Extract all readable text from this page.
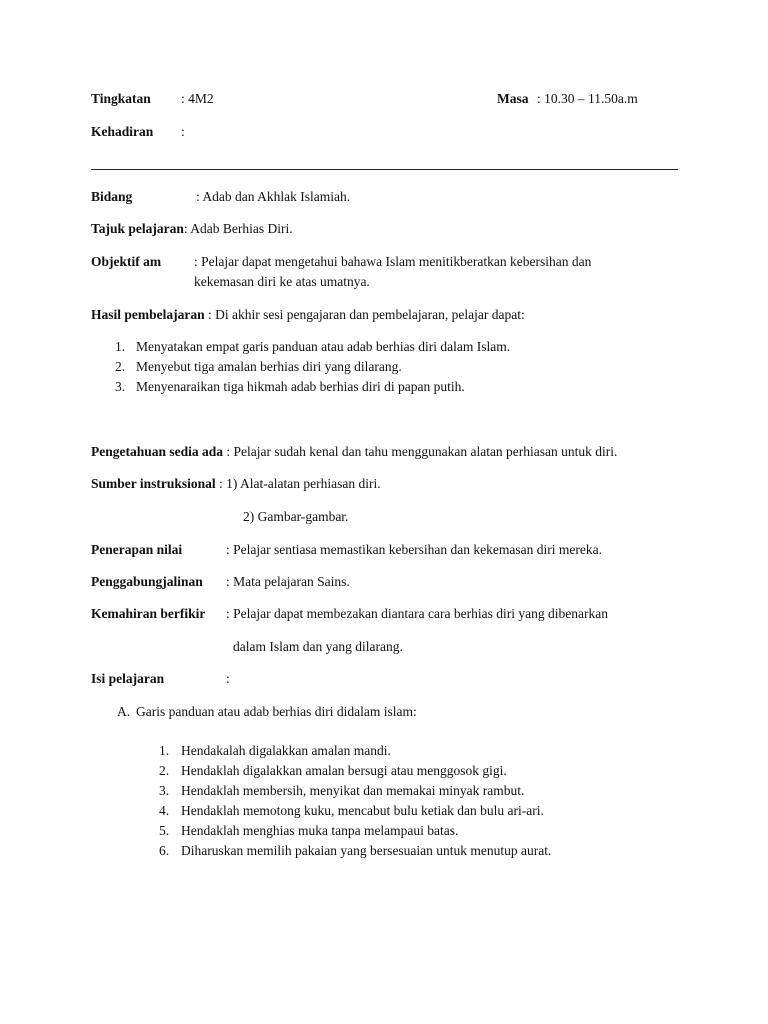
Tingkatan : 4M2	Masa : 10.30 – 11.50a.m
Kehadiran :
Bidang	: Adab dan Akhlak Islamiah.
Tajuk pelajaran: Adab Berhias Diri.
Objektif am : Pelajar dapat mengetahui bahawa Islam menitikberatkan kebersihan dan
kekemasan diri ke atas umatnya.
Hasil pembelajaran : Di akhir sesi pengajaran dan pembelajaran, pelajar dapat:
1. Menyatakan empat garis panduan atau adab berhias diri dalam Islam.
2. Menyebut tiga amalan berhias diri yang dilarang.
3. Menyenaraikan tiga hikmah adab berhias diri di papan putih.
Pengetahuan sedia ada : Pelajar sudah kenal dan tahu menggunakan alatan perhiasan untuk diri.
Sumber instruksional : 1) Alat-alatan perhiasan diri.
2) Gambar-gambar.
Penerapan nilai	: Pelajar sentiasa memastikan kebersihan dan kekemasan diri mereka.
Penggabungjalinan : Mata pelajaran Sains.
Kemahiran berfikir : Pelajar dapat membezakan diantara cara berhias diri yang dibenarkan
dalam Islam dan yang dilarang.
Isi pelajaran	:
A. Garis panduan atau adab berhias diri didalam islam:
1. Hendakalah digalakkan amalan mandi.
2. Hendaklah digalakkan amalan bersugi atau menggosok gigi.
3. Hendaklah membersih, menyikat dan memakai minyak rambut.
4. Hendaklah memotong kuku, mencabut bulu ketiak dan bulu ari-ari.
5. Hendaklah menghias muka tanpa melampaui batas.
6. Diharuskan memilih pakaian yang bersesuaian untuk menutup aurat.
